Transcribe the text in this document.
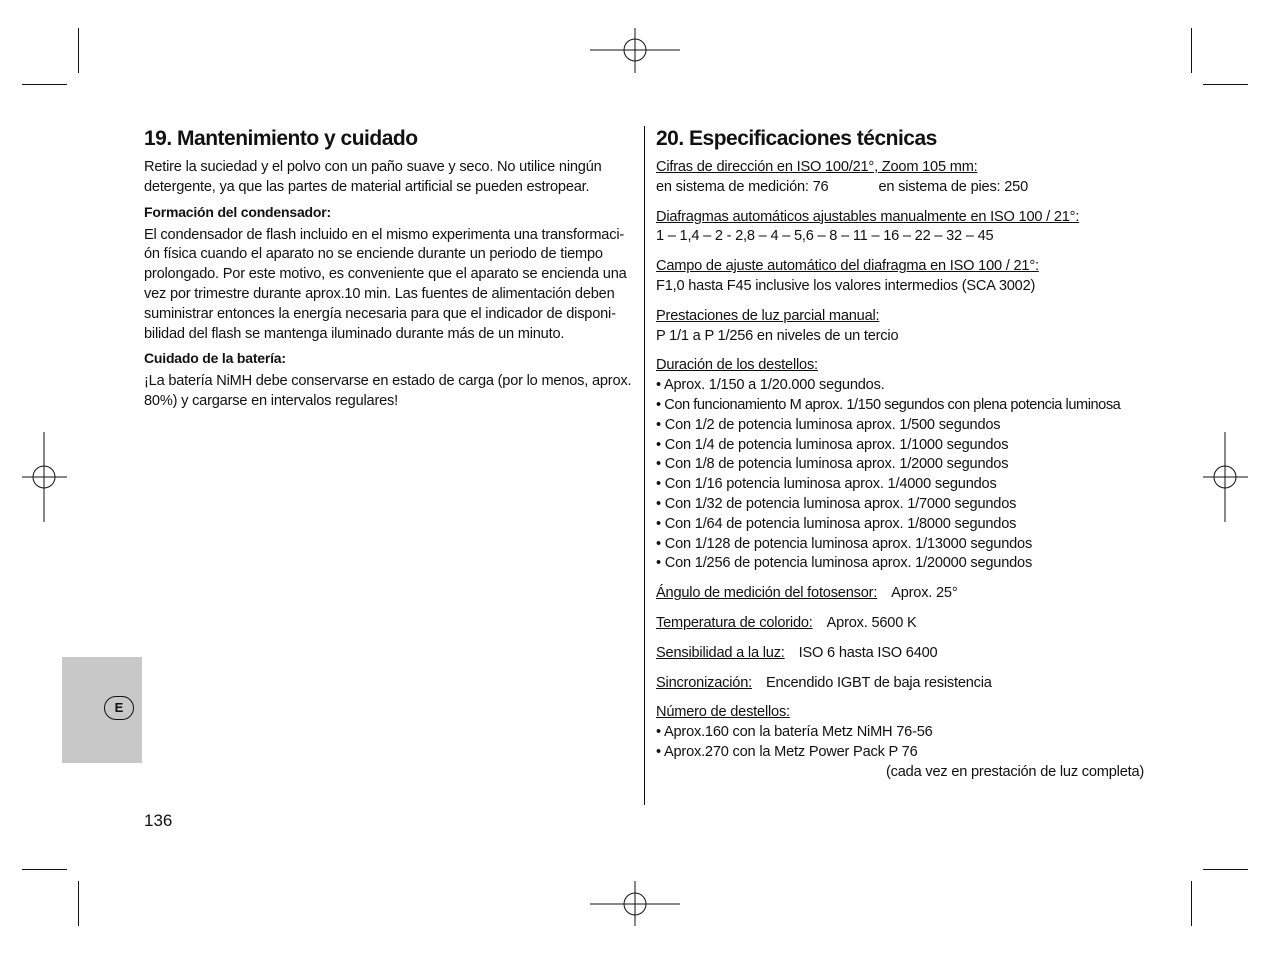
19. Mantenimiento y cuidado

Retire la suciedad y el polvo con un paño suave y seco. No utilice ningún detergente, ya que las partes de material artificial se pueden estropear.

Formación del condensador:

El condensador de flash incluido en el mismo experimenta una transformaci-ón física cuando el aparato no se enciende durante un periodo de tiempo prolongado. Por este motivo, es conveniente que el aparato se encienda una vez por trimestre durante aprox.10 min. Las fuentes de alimentación deben suministrar entonces la energía necesaria para que el indicador de disponi-bilidad del flash se mantenga iluminado durante más de un minuto.

Cuidado de la batería:

¡La batería NiMH debe conservarse en estado de carga (por lo menos, aprox. 80%) y cargarse en intervalos regulares!

20. Especificaciones técnicas
Cifras de dirección en ISO 100/21°, Zoom 105 mm:
en sistema de medición: 76	en sistema de pies: 250
Diafragmas automáticos ajustables manualmente en ISO 100 / 21°:
1 – 1,4 – 2 - 2,8 – 4 – 5,6 – 8 – 11 – 16 – 22 – 32 – 45
Campo de ajuste automático del diafragma en ISO 100 / 21°:
F1,0 hasta F45 inclusive los valores intermedios (SCA 3002)
Prestaciones de luz parcial manual:
P 1/1 a P 1/256 en niveles de un tercio
Duración de los destellos:
• Aprox. 1/150 a 1/20.000 segundos.
• Con funcionamiento M aprox. 1/150 segundos con plena potencia luminosa
• Con 1/2 de potencia luminosa aprox. 1/500 segundos
• Con 1/4 de potencia luminosa aprox. 1/1000 segundos
• Con 1/8 de potencia luminosa aprox. 1/2000 segundos
• Con 1/16 potencia luminosa aprox. 1/4000 segundos
• Con 1/32 de potencia luminosa aprox. 1/7000 segundos
• Con 1/64 de potencia luminosa aprox. 1/8000 segundos
• Con 1/128 de potencia luminosa aprox. 1/13000 segundos
• Con 1/256 de potencia luminosa aprox. 1/20000 segundos
Ángulo de medición del fotosensor: Aprox. 25°
Temperatura de colorido: Aprox. 5600 K
Sensibilidad a la luz: ISO 6 hasta ISO 6400
Sincronización: Encendido IGBT de baja resistencia
Número de destellos:
• Aprox.160 con la batería Metz NiMH 76-56
• Aprox.270 con la Metz Power Pack P 76
(cada vez en prestación de luz completa)
E
136
